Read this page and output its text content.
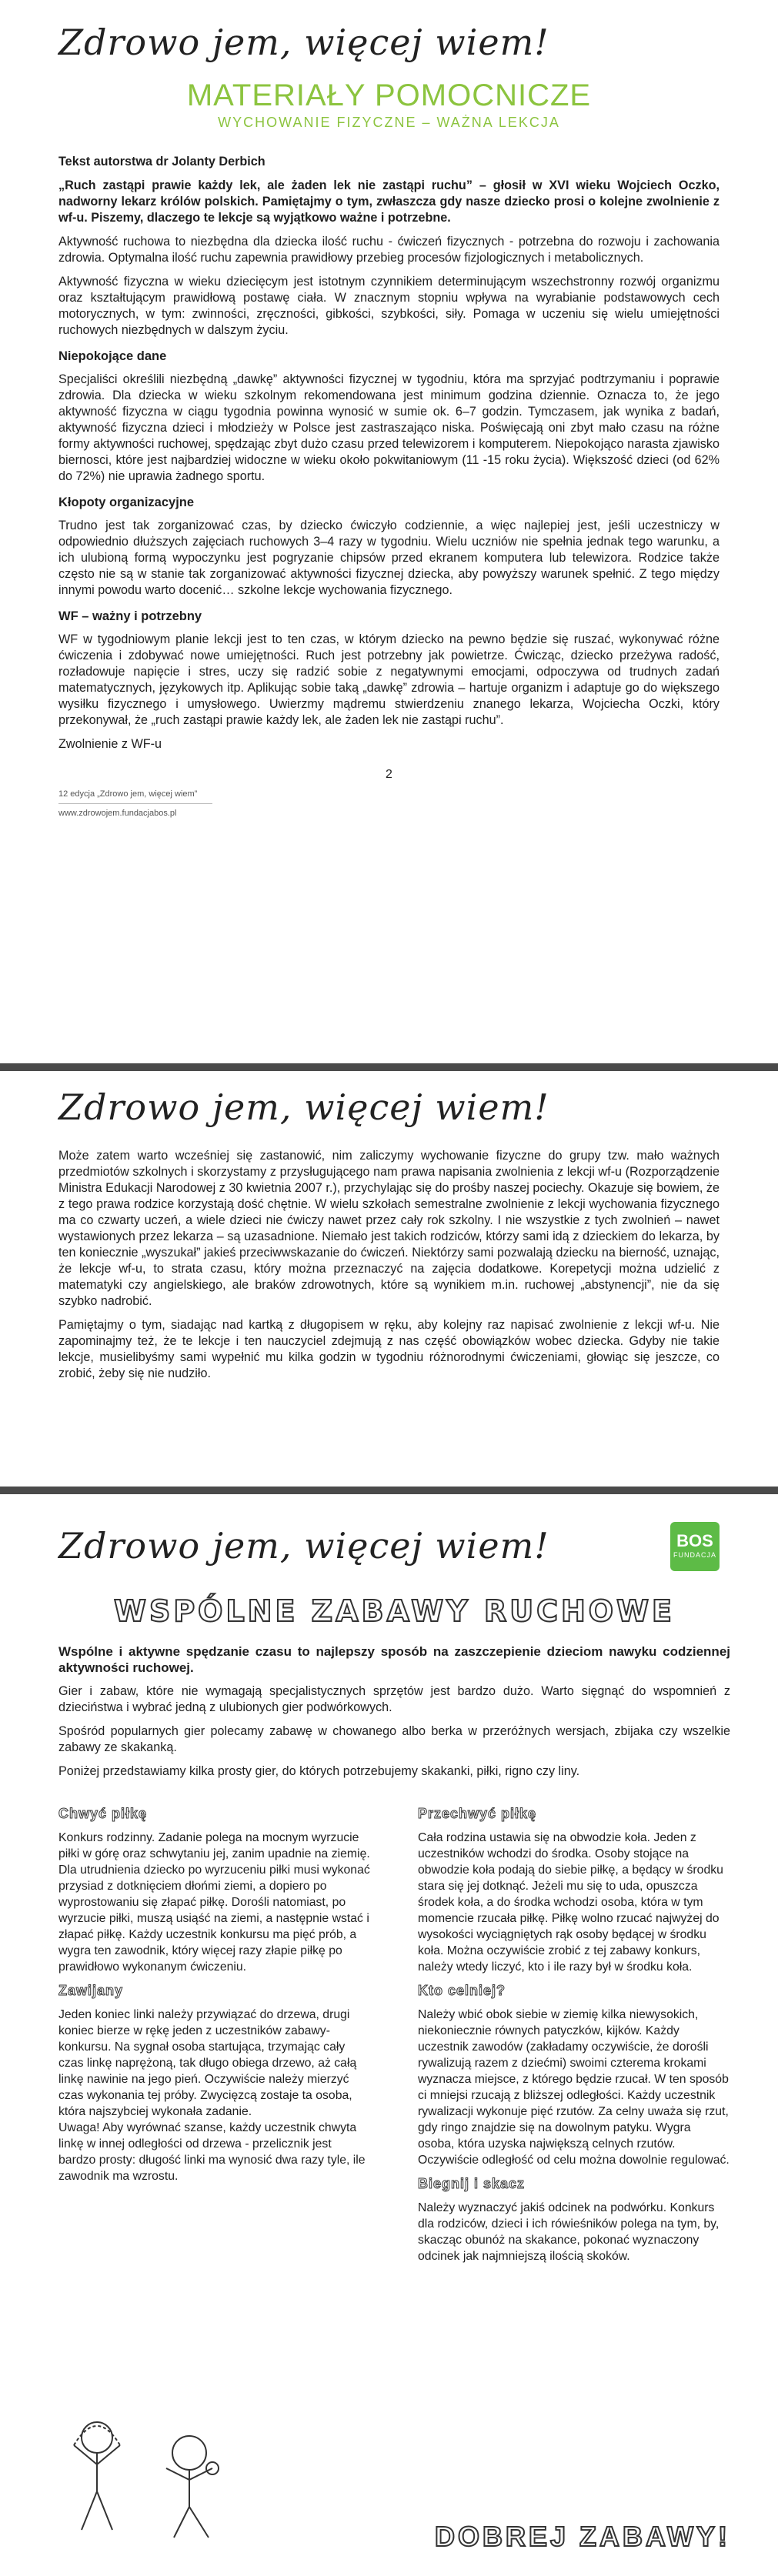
Zdrowo jem, więcej wiem!
MATERIAŁY POMOCNICZE
WYCHOWANIE FIZYCZNE – WAŻNA LEKCJA

Tekst autorstwa dr Jolanty Derbich

„Ruch zastąpi prawie każdy lek, ale żaden lek nie zastąpi ruchu” – głosił w XVI wieku Wojciech Oczko, nadworny lekarz królów polskich. Pamiętajmy o tym, zwłaszcza gdy nasze dziecko prosi o kolejne zwolnienie z wf-u. Piszemy, dlaczego te lekcje są wyjątkowo ważne i potrzebne.

Aktywność ruchowa to niezbędna dla dziecka ilość ruchu - ćwiczeń fizycznych - potrzebna do rozwoju i zachowania zdrowia. Optymalna ilość ruchu zapewnia prawidłowy przebieg procesów fizjologicznych i metabolicznych.

Aktywność fizyczna w wieku dziecięcym jest istotnym czynnikiem determinującym wszechstronny rozwój organizmu oraz kształtującym prawidłową postawę ciała. W znacznym stopniu wpływa na wyrabianie podstawowych cech motorycznych, w tym: zwinności, zręczności, gibkości, szybkości, siły. Pomaga w uczeniu się wielu umiejętności ruchowych niezbędnych w dalszym życiu.

Niepokojące dane

Specjaliści określili niezbędną „dawkę” aktywności fizycznej w tygodniu, która ma sprzyjać podtrzymaniu i poprawie zdrowia. Dla dziecka w wieku szkolnym rekomendowana jest minimum godzina dziennie. Oznacza to, że jego aktywność fizyczna w ciągu tygodnia powinna wynosić w sumie ok. 6–7 godzin. Tymczasem, jak wynika z badań, aktywność fizyczna dzieci i młodzieży w Polsce jest zastraszająco niska. Poświęcają oni zbyt mało czasu na różne formy aktywności ruchowej, spędzając zbyt dużo czasu przed telewizorem i komputerem. Niepokojąco narasta zjawisko biernosci, które jest najbardziej widoczne w wieku około pokwitaniowym (11 -15 roku życia). Większość dzieci (od 62% do 72%) nie uprawia żadnego sportu.

Kłopoty organizacyjne

Trudno jest tak zorganizować czas, by dziecko ćwiczyło codziennie, a więc najlepiej jest, jeśli uczestniczy w odpowiednio dłuższych zajęciach ruchowych 3–4 razy w tygodniu. Wielu uczniów nie spełnia jednak tego warunku, a ich ulubioną formą wypoczynku jest pogryzanie chipsów przed ekranem komputera lub telewizora. Rodzice także często nie są w stanie tak zorganizować aktywności fizycznej dziecka, aby powyższy warunek spełnić. Z tego między innymi powodu warto docenić… szkolne lekcje wychowania fizycznego.

WF – ważny i potrzebny

WF w tygodniowym planie lekcji jest to ten czas, w którym dziecko na pewno będzie się ruszać, wykonywać różne ćwiczenia i zdobywać nowe umiejętności. Ruch jest potrzebny jak powietrze. Ćwicząc, dziecko przeżywa radość, rozładowuje napięcie i stres, uczy się radzić sobie z negatywnymi emocjami, odpoczywa od trudnych zadań matematycznych, językowych itp. Aplikując sobie taką „dawkę” zdrowia – hartuje organizm i adaptuje go do większego wysiłku fizycznego i umysłowego. Uwierzmy mądremu stwierdzeniu znanego lekarza, Wojciecha Oczki, który przekonywał, że „ruch zastąpi prawie każdy lek, ale żaden lek nie zastąpi ruchu”.

Zwolnienie z WF-u

2
12 edycja „Zdrowo jem, więcej wiem”
www.zdrowojem.fundacjabos.pl
Zdrowo jem, więcej wiem!

Może zatem warto wcześniej się zastanowić, nim zaliczymy wychowanie fizyczne do grupy tzw. mało ważnych przedmiotów szkolnych i skorzystamy z przysługującego nam prawa napisania zwolnienia z lekcji wf-u (Rozporządzenie Ministra Edukacji Narodowej z 30 kwietnia 2007 r.), przychylając się do prośby naszej pociechy. Okazuje się bowiem, że z tego prawa rodzice korzystają dość chętnie. W wielu szkołach semestralne zwolnienie z lekcji wychowania fizycznego ma co czwarty uczeń, a wiele dzieci nie ćwiczy nawet przez cały rok szkolny. I nie wszystkie z tych zwolnień – nawet wystawionych przez lekarza – są uzasadnione. Niemało jest takich rodziców, którzy sami idą z dzieckiem do lekarza, by ten koniecznie „wyszukał” jakieś przeciwwskazanie do ćwiczeń. Niektórzy sami pozwalają dziecku na bierność, uznając, że lekcje wf-u, to strata czasu, który można przeznaczyć na zajęcia dodatkowe. Korepetycji można udzielić z matematyki czy angielskiego, ale braków zdrowotnych, które są wynikiem m.in. ruchowej „abstynencji”, nie da się szybko nadrobić.

Pamiętajmy o tym, siadając nad kartką z długopisem w ręku, aby kolejny raz napisać zwolnienie z lekcji wf-u. Nie zapominajmy też, że te lekcje i ten nauczyciel zdejmują z nas część obowiązków wobec dziecka. Gdyby nie takie lekcje, musielibyśmy sami wypełnić mu kilka godzin w tygodniu różnorodnymi ćwiczeniami, głowiąc się jeszcze, co zrobić, żeby się nie nudziło.

Zdrowo jem, więcej wiem!	BOS
FUNDACJA
WSPÓLNE ZABAWY RUCHOWE

Wspólne i aktywne spędzanie czasu to najlepszy sposób na zaszczepienie dzieciom nawyku codziennej aktywności ruchowej.

Gier i zabaw, które nie wymagają specjalistycznych sprzętów jest bardzo dużo. Warto sięgnąć do wspomnień z dzieciństwa i wybrać jedną z ulubionych gier podwórkowych.

Spośród popularnych gier polecamy zabawę w chowanego albo berka w przeróżnych wersjach, zbijaka czy wszelkie zabawy ze skakanką.

Poniżej przedstawiamy kilka prosty gier, do których potrzebujemy skakanki, piłki, rigno czy liny.

Chwyć piłkę

Konkurs rodzinny. Zadanie polega na mocnym wyrzucie piłki w górę oraz schwytaniu jej, zanim upadnie na ziemię. Dla utrudnienia dziecko po wyrzuceniu piłki musi wykonać przysiad z dotknięciem dłońmi ziemi, a dopiero po wyprostowaniu się złapać piłkę. Dorośli natomiast, po wyrzucie piłki, muszą usiąść na ziemi, a następnie wstać i złapać piłkę. Każdy uczestnik konkursu ma pięć prób, a wygra ten zawodnik, który więcej razy złapie piłkę po prawidłowo wykonanym ćwiczeniu.

Zawijany

Jeden koniec linki należy przywiązać do drzewa, drugi koniec bierze w rękę jeden z uczestników zabawy-konkursu. Na sygnał osoba startująca, trzymając cały czas linkę naprężoną, tak długo obiega drzewo, aż całą linkę nawinie na jego pień. Oczywiście należy mierzyć czas wykonania tej próby. Zwycięzcą zostaje ta osoba, która najszybciej wykonała zadanie.
Uwaga! Aby wyrównać szanse, każdy uczestnik chwyta linkę w innej odległości od drzewa - przelicznik jest bardzo prosty: długość linki ma wynosić dwa razy tyle, ile zawodnik ma wzrostu.

Przechwyć piłkę

Cała rodzina ustawia się na obwodzie koła. Jeden z uczestników wchodzi do środka. Osoby stojące na obwodzie koła podają do siebie piłkę, a będący w środku stara się jej dotknąć. Jeżeli mu się to uda, opuszcza środek koła, a do środka wchodzi osoba, która w tym momencie rzucała piłkę. Piłkę wolno rzucać najwyżej do wysokości wyciągniętych rąk osoby będącej w środku koła. Można oczywiście zrobić z tej zabawy konkurs, należy wtedy liczyć, kto i ile razy był w środku koła.

Kto celniej?

Należy wbić obok siebie w ziemię kilka niewysokich, niekoniecznie równych patyczków, kijków. Każdy uczestnik zawodów (zakładamy oczywiście, że dorośli rywalizują razem z dziećmi) swoimi czterema krokami wyznacza miejsce, z którego będzie rzucał. W ten sposób ci mniejsi rzucają z bliższej odległości. Każdy uczestnik rywalizacji wykonuje pięć rzutów. Za celny uważa się rzut, gdy ringo znajdzie się na dowolnym patyku. Wygra osoba, która uzyska największą celnych rzutów. Oczywiście odległość od celu można dowolnie regulować.

Biegnij i skacz

Należy wyznaczyć jakiś odcinek na podwórku. Konkurs dla rodziców, dzieci i ich rówieśników polega na tym, by, skacząc obunóż na skakance, pokonać wyznaczony odcinek jak najmniejszą ilością skoków.

DOBREJ ZABAWY!
